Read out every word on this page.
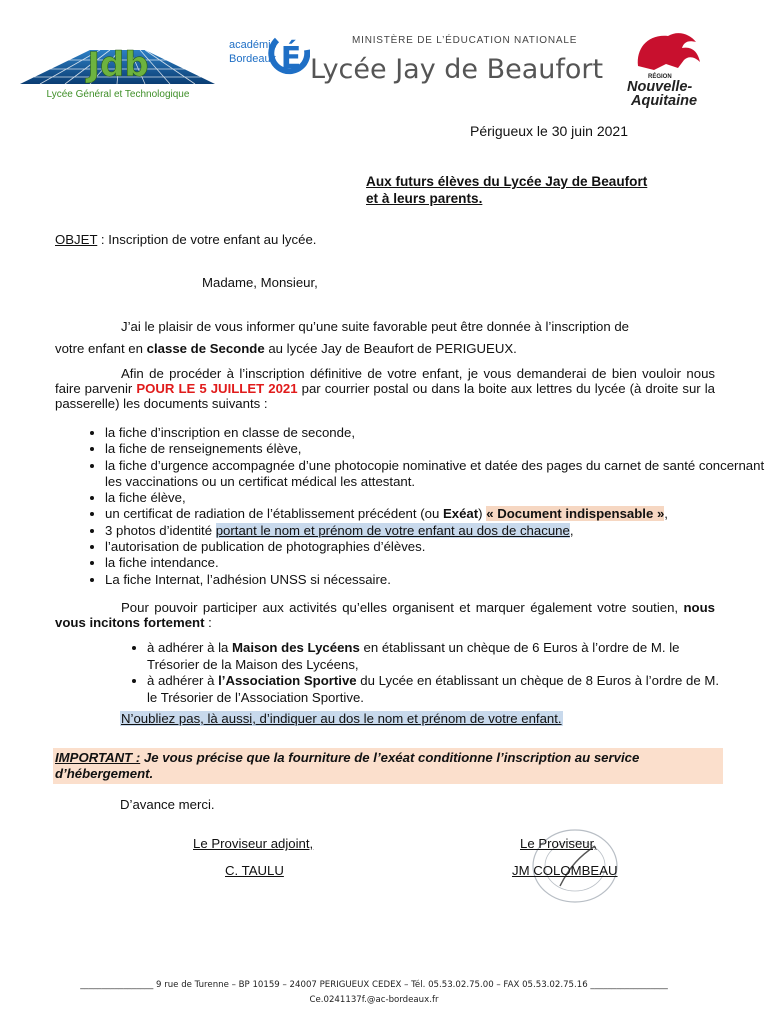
MINISTÈRE DE L’ÉDUCATION NATIONALE
Lycée Jay de Beaufort
Jdb
Lycée Général et Technologique
académie
Bordeaux É
RÉGION
Nouvelle-
Aquitaine
Périgueux le 30 juin 2021
Aux futurs élèves du Lycée Jay de Beaufort
et à leurs parents.
OBJET : Inscription de votre enfant au lycée.
Madame, Monsieur,
J’ai le plaisir de vous informer qu’une suite favorable peut être donnée à l’inscription de
votre enfant en classe de Seconde au lycée Jay de Beaufort de PERIGUEUX.
Afin de procéder à l’inscription définitive de votre enfant, je vous demanderai de bien vouloir nous faire parvenir POUR LE 5 JUILLET 2021 par courrier postal ou dans la boite aux lettres du lycée (à droite sur la passerelle) les documents suivants :
• la fiche d’inscription en classe de seconde,
• la fiche de renseignements élève,
• la fiche d’urgence accompagnée d’une photocopie nominative et datée des pages du carnet de santé concernant les vaccinations ou un certificat médical les attestant.
• la fiche élève,
• un certificat de radiation de l’établissement précédent (ou Exéat) « Document indispensable »,
• 3 photos d’identité portant le nom et prénom de votre enfant au dos de chacune,
• l’autorisation de publication de photographies d’élèves.
• la fiche intendance.
• La fiche Internat, l’adhésion UNSS si nécessaire.
Pour pouvoir participer aux activités qu’elles organisent et marquer également votre soutien, nous vous incitons fortement :
• à adhérer à la Maison des Lycéens en établissant un chèque de 6 Euros à l’ordre de M. le Trésorier de la Maison des Lycéens,
• à adhérer à l’Association Sportive du Lycée en établissant un chèque de 8 Euros à l’ordre de M. le Trésorier de l’Association Sportive.
N’oubliez pas, là aussi, d’indiquer au dos le nom et prénom de votre enfant.
IMPORTANT : Je vous précise que la fourniture de l’exéat conditionne l’inscription au service d’hébergement.
D’avance merci.
Le Proviseur adjoint,	Le Proviseur,
C. TAULU	JM COLOMBEAU
_________________ 9 rue de Turenne – BP 10159 – 24007 PERIGUEUX CEDEX – Tél. 05.53.02.75.00 – FAX 05.53.02.75.16 __________________
Ce.0241137f.@ac-bordeaux.fr
